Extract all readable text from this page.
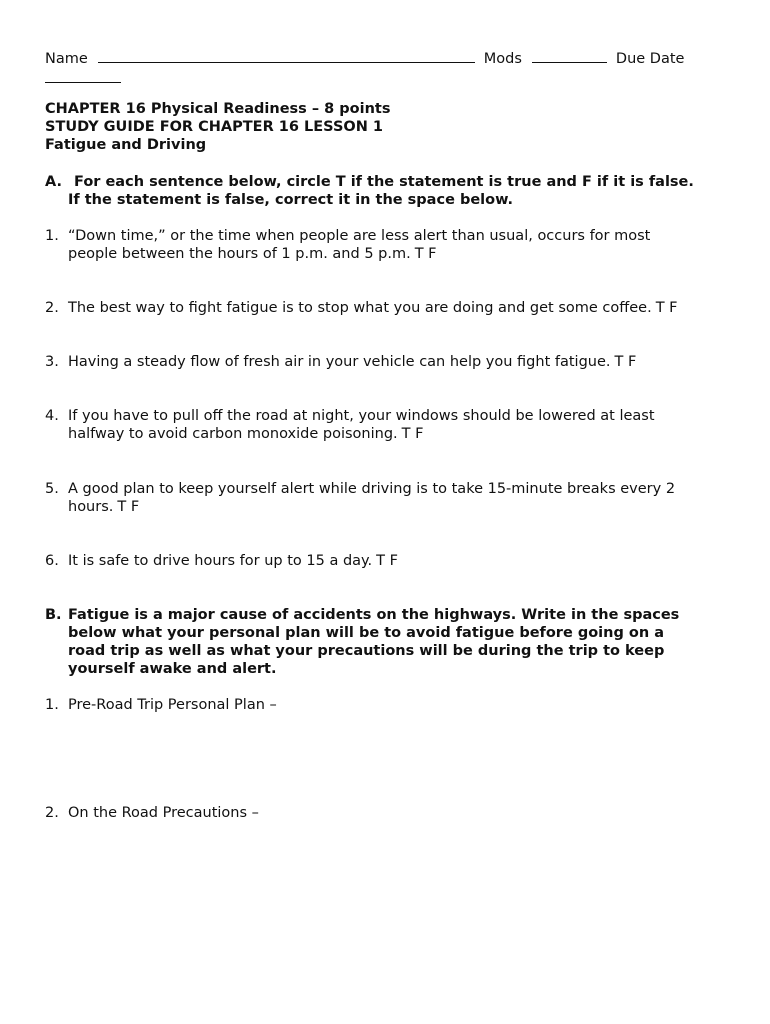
Name	Mods	Due Date
CHAPTER 16 Physical Readiness – 8 points
STUDY GUIDE FOR CHAPTER 16 LESSON 1
Fatigue and Driving
A. For each sentence below, circle T if the statement is true and F if it is false.
If the statement is false, correct it in the space below.
1. “Down time,” or the time when people are less alert than usual, occurs for most
people between the hours of 1 p.m. and 5 p.m. T F
2. The best way to fight fatigue is to stop what you are doing and get some coffee. T F
3. Having a steady flow of fresh air in your vehicle can help you fight fatigue. T F
4. If you have to pull off the road at night, your windows should be lowered at least
halfway to avoid carbon monoxide poisoning. T F
5. A good plan to keep yourself alert while driving is to take 15-minute breaks every 2
hours. T F
6. It is safe to drive hours for up to 15 a day. T F
B. Fatigue is a major cause of accidents on the highways. Write in the spaces
below what your personal plan will be to avoid fatigue before going on a
road trip as well as what your precautions will be during the trip to keep
yourself awake and alert.
1. Pre-Road Trip Personal Plan –
2. On the Road Precautions –
